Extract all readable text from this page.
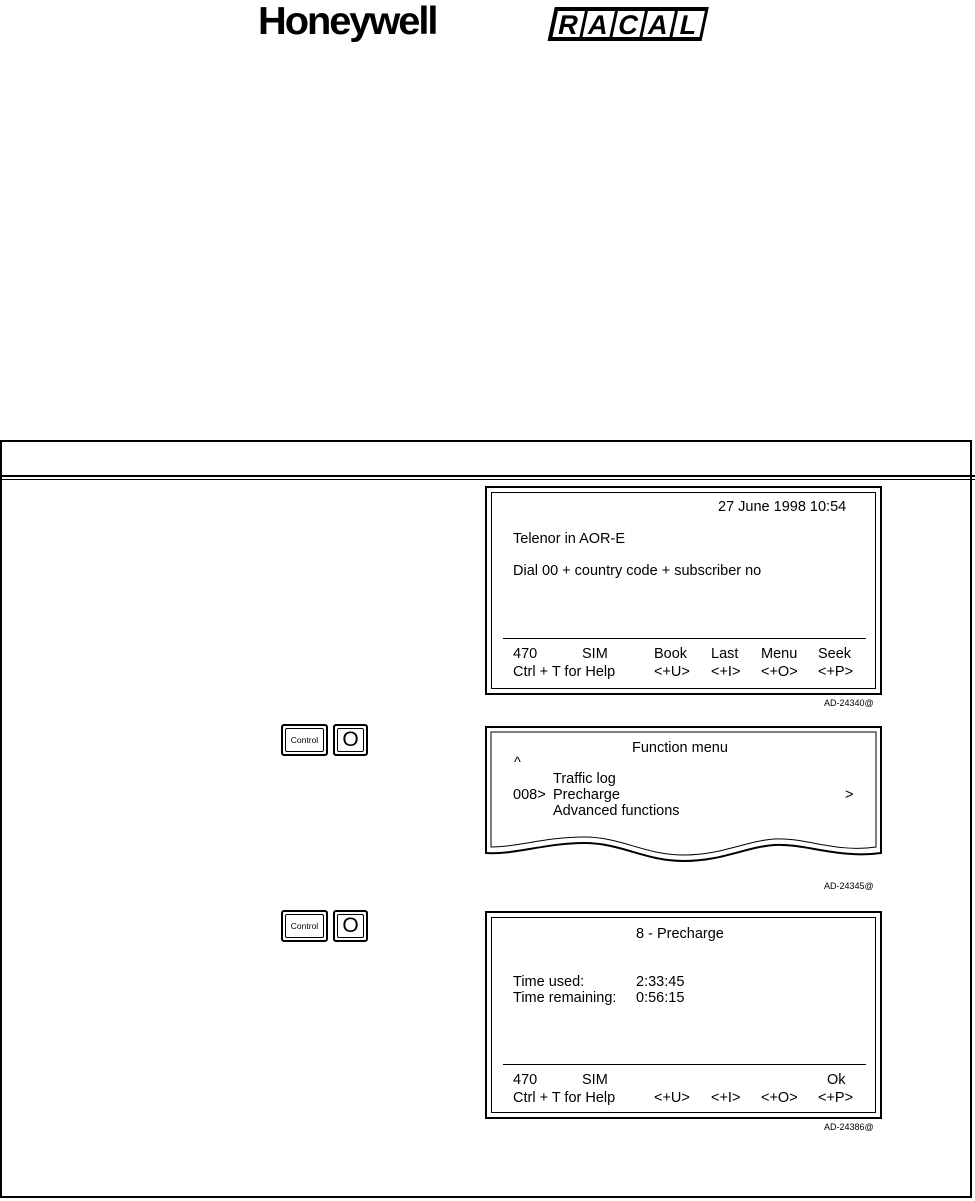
Honeywell	R A C A L
27 June 1998 10:54
Telenor in AOR-E
Dial 00 + country code + subscriber no
470	SIM	Book Last Menu Seek
Ctrl + T for Help	<+U> <+I> <+O> <+P>
AD-24340@
Control O	Function menu
^
Traffic log
008> Precharge	>
Advanced functions
AD-24345@
Control O	8 - Precharge
Time used:	2:33:45
Time remaining: 0:56:15
470	SIM	Ok
Ctrl + T for Help	<+U> <+I> <+O> <+P>
AD-24386@
